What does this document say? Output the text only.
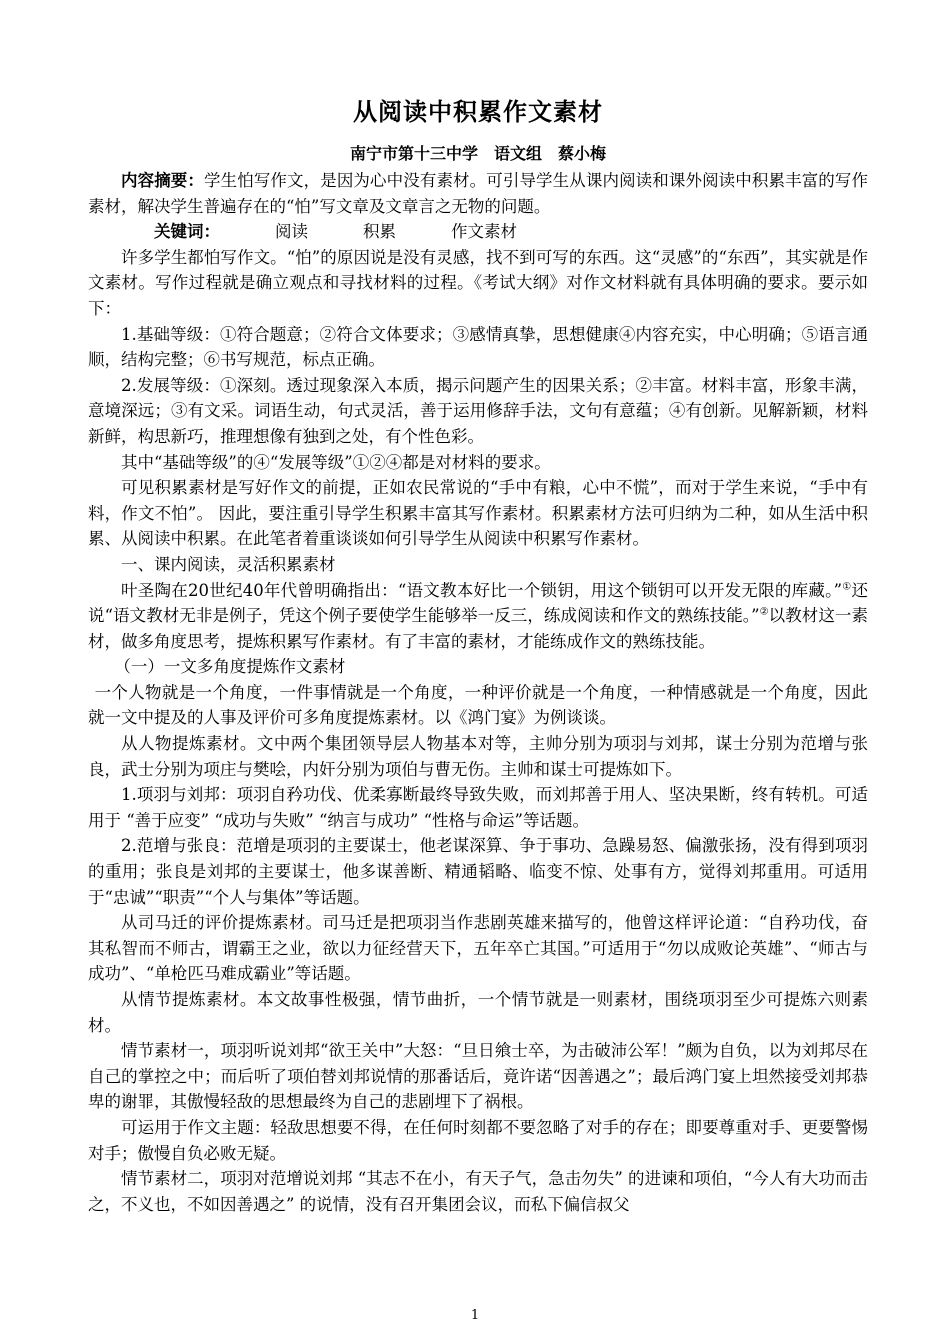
从阅读中积累作文素材
南宁市第十三中学　语文组　蔡小梅

内容摘要：学生怕写作文，是因为心中没有素材。可引导学生从课内阅读和课外阅读中积累丰富的写作素材，解决学生普遍存在的“怕”写文章及文章言之无物的问题。

关键词：	阅读	积累	作文素材

许多学生都怕写作文。“怕”的原因说是没有灵感，找不到可写的东西。这“灵感”的“东西”，其实就是作文素材。写作过程就是确立观点和寻找材料的过程。《考试大纲》对作文材料就有具体明确的要求。要示如下：

1.基础等级：①符合题意；②符合文体要求；③感情真挚，思想健康④内容充实，中心明确；⑤语言通顺，结构完整；⑥书写规范，标点正确。

2.发展等级：①深刻。透过现象深入本质，揭示问题产生的因果关系；②丰富。材料丰富，形象丰满，意境深远；③有文采。词语生动，句式灵活，善于运用修辞手法，文句有意蕴；④有创新。见解新颖，材料新鲜，构思新巧，推理想像有独到之处，有个性色彩。

其中“基础等级”的④“发展等级”①②④都是对材料的要求。

可见积累素材是写好作文的前提，正如农民常说的“手中有粮，心中不慌”，而对于学生来说，“手中有料，作文不怕”。 因此，要注重引导学生积累丰富其写作素材。积累素材方法可归纳为二种，如从生活中积累、从阅读中积累。在此笔者着重谈谈如何引导学生从阅读中积累写作素材。

一、课内阅读，灵活积累素材

叶圣陶在20世纪40年代曾明确指出：“语文教本好比一个锁钥，用这个锁钥可以开发无限的库藏。”①还说“语文教材无非是例子，凭这个例子要使学生能够举一反三，练成阅读和作文的熟练技能。”②以教材这一素材，做多角度思考，提炼积累写作素材。有了丰富的素材，才能练成作文的熟练技能。

（一）一文多角度提炼作文素材

一个人物就是一个角度，一件事情就是一个角度，一种评价就是一个角度，一种情感就是一个角度，因此就一文中提及的人事及评价可多角度提炼素材。以《鸿门宴》为例谈谈。

从人物提炼素材。文中两个集团领导层人物基本对等，主帅分别为项羽与刘邦，谋士分别为范增与张良，武士分别为项庄与樊哙，内奸分别为项伯与曹无伤。主帅和谋士可提炼如下。

1.项羽与刘邦：项羽自矜功伐、优柔寡断最终导致失败，而刘邦善于用人、坚决果断，终有转机。可适用于 “善于应变” “成功与失败” “纳言与成功” “性格与命运”等话题。

2.范增与张良：范增是项羽的主要谋士，他老谋深算、争于事功、急躁易怒、偏激张扬，没有得到项羽的重用；张良是刘邦的主要谋士，他多谋善断、精通韬略、临变不惊、处事有方，觉得刘邦重用。可适用于“忠诚”“职责”“个人与集体”等话题。

从司马迁的评价提炼素材。司马迁是把项羽当作悲剧英雄来描写的，他曾这样评论道：“自矜功伐，奋其私智而不师古，谓霸王之业，欲以力征经营天下，五年卒亡其国。”可适用于“勿以成败论英雄”、“师古与成功”、“单枪匹马难成霸业”等话题。

从情节提炼素材。本文故事性极强，情节曲折，一个情节就是一则素材，围绕项羽至少可提炼六则素材。

情节素材一，项羽听说刘邦“欲王关中”大怒：“旦日飨士卒，为击破沛公军！”颇为自负，以为刘邦尽在自己的掌控之中；而后听了项伯替刘邦说情的那番话后，竟许诺“因善遇之”；最后鸿门宴上坦然接受刘邦恭卑的谢罪，其傲慢轻敌的思想最终为自己的悲剧埋下了祸根。

可运用于作文主题：轻敌思想要不得，在任何时刻都不要忽略了对手的存在；即要尊重对手、更要警惕对手；傲慢自负必败无疑。

情节素材二，项羽对范增说刘邦 “其志不在小，有天子气，急击勿失” 的进谏和项伯，“今人有大功而击之，不义也，不如因善遇之” 的说情，没有召开集团会议，而私下偏信叔父

1
